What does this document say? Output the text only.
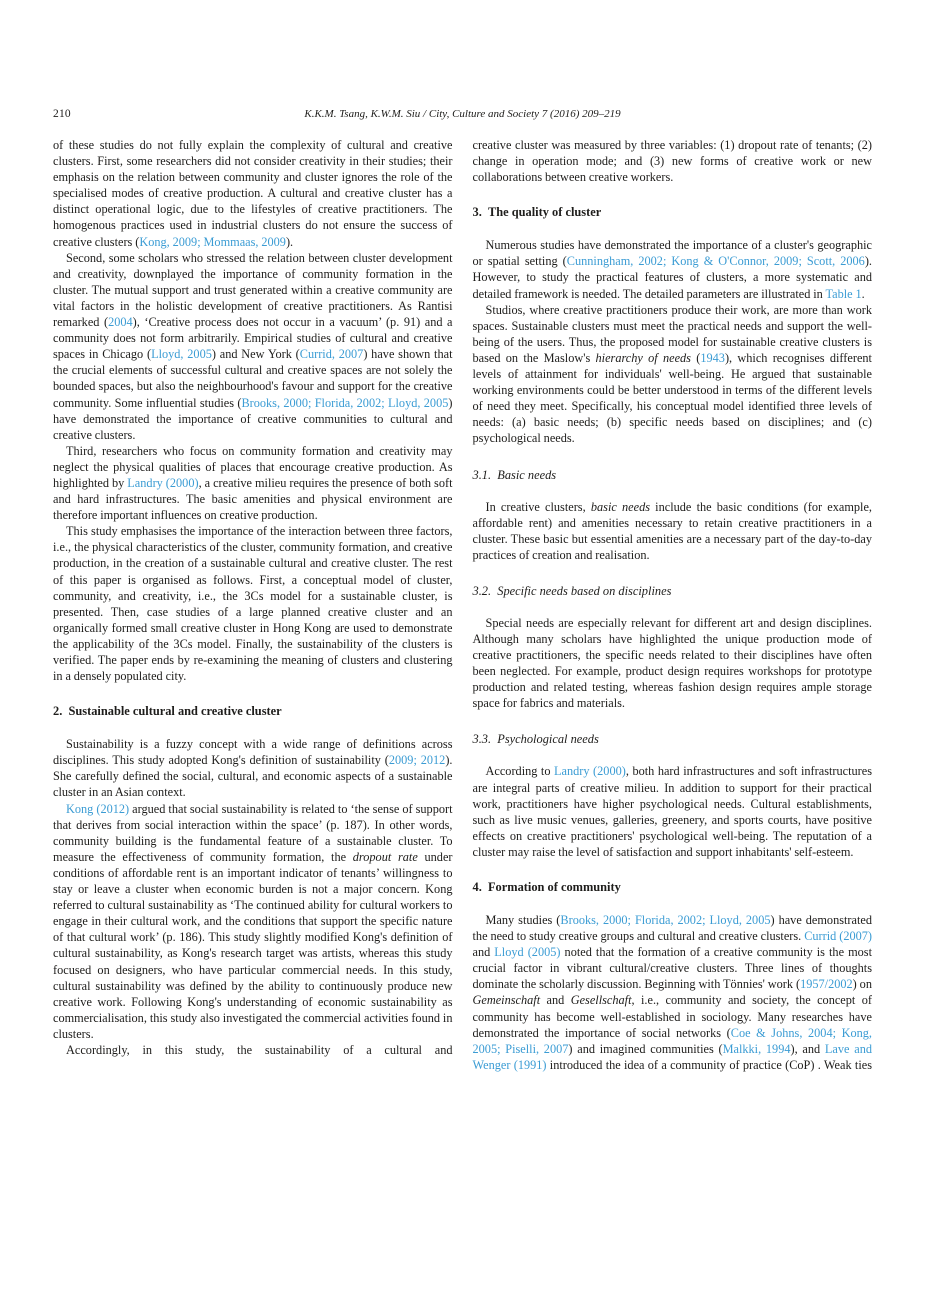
210	K.K.M. Tsang, K.W.M. Siu / City, Culture and Society 7 (2016) 209–219

of these studies do not fully explain the complexity of cultural and creative clusters. First, some researchers did not consider creativity in their studies; their emphasis on the relation between community and cluster ignores the role of the specialised modes of creative production. A cultural and creative cluster has a distinct operational logic, due to the lifestyles of creative practitioners. The homogenous practices used in industrial clusters do not ensure the success of creative clusters (Kong, 2009; Mommaas, 2009).

Second, some scholars who stressed the relation between cluster development and creativity, downplayed the importance of community formation in the cluster. The mutual support and trust generated within a creative community are vital factors in the holistic development of creative practitioners. As Rantisi remarked (2004), ‘Creative process does not occur in a vacuum’ (p. 91) and a community does not form arbitrarily. Empirical studies of cultural and creative spaces in Chicago (Lloyd, 2005) and New York (Currid, 2007) have shown that the crucial elements of successful cultural and creative spaces are not solely the bounded spaces, but also the neighbourhood's favour and support for the creative community. Some influential studies (Brooks, 2000; Florida, 2002; Lloyd, 2005) have demonstrated the importance of creative communities to cultural and creative clusters.

Third, researchers who focus on community formation and creativity may neglect the physical qualities of places that encourage creative production. As highlighted by Landry (2000), a creative milieu requires the presence of both soft and hard infrastructures. The basic amenities and physical environment are therefore important influences on creative production.

This study emphasises the importance of the interaction between three factors, i.e., the physical characteristics of the cluster, community formation, and creative production, in the creation of a sustainable cultural and creative cluster. The rest of this paper is organised as follows. First, a conceptual model of cluster, community, and creativity, i.e., the 3Cs model for a sustainable cluster, is presented. Then, case studies of a large planned creative cluster and an organically formed small creative cluster in Hong Kong are used to demonstrate the applicability of the 3Cs model. Finally, the sustainability of the clusters is verified. The paper ends by re-examining the meaning of clusters and clustering in a densely populated city.

2. Sustainable cultural and creative cluster

Sustainability is a fuzzy concept with a wide range of definitions across disciplines. This study adopted Kong's definition of sustainability (2009; 2012). She carefully defined the social, cultural, and economic aspects of a sustainable cluster in an Asian context.

Kong (2012) argued that social sustainability is related to ‘the sense of support that derives from social interaction within the space’ (p. 187). In other words, community building is the fundamental feature of a sustainable cluster. To measure the effectiveness of community formation, the dropout rate under conditions of affordable rent is an important indicator of tenants’ willingness to stay or leave a cluster when economic burden is not a major concern. Kong referred to cultural sustainability as ‘The continued ability for cultural workers to engage in their cultural work, and the conditions that support the specific nature of that cultural work’ (p. 186). This study slightly modified Kong's definition of cultural sustainability, as Kong's research target was artists, whereas this study focused on designers, who have particular commercial needs. In this study, cultural sustainability was defined by the ability to continuously produce new creative work. Following Kong's understanding of economic sustainability as commercialisation, this study also investigated the commercial activities found in clusters.

Accordingly, in this study, the sustainability of a cultural and

creative cluster was measured by three variables: (1) dropout rate of tenants; (2) change in operation mode; and (3) new forms of creative work or new collaborations between creative workers.

3. The quality of cluster

Numerous studies have demonstrated the importance of a cluster's geographic or spatial setting (Cunningham, 2002; Kong & O'Connor, 2009; Scott, 2006). However, to study the practical features of clusters, a more systematic and detailed framework is needed. The detailed parameters are illustrated in Table 1.

Studios, where creative practitioners produce their work, are more than work spaces. Sustainable clusters must meet the practical needs and support the well-being of the users. Thus, the proposed model for sustainable creative clusters is based on the Maslow's hierarchy of needs (1943), which recognises different levels of attainment for individuals' well-being. He argued that sustainable working environments could be better understood in terms of the different levels of need they meet. Specifically, his conceptual model identified three levels of needs: (a) basic needs; (b) specific needs based on disciplines; and (c) psychological needs.

3.1. Basic needs

In creative clusters, basic needs include the basic conditions (for example, affordable rent) and amenities necessary to retain creative practitioners in a cluster. These basic but essential amenities are a necessary part of the day-to-day practices of creation and realisation.

3.2. Specific needs based on disciplines

Special needs are especially relevant for different art and design disciplines. Although many scholars have highlighted the unique production mode of creative practitioners, the specific needs related to their disciplines have often been neglected. For example, product design requires workshops for prototype production and related testing, whereas fashion design requires ample storage space for fabrics and materials.

3.3. Psychological needs

According to Landry (2000), both hard infrastructures and soft infrastructures are integral parts of creative milieu. In addition to support for their practical work, practitioners have higher psychological needs. Cultural establishments, such as live music venues, galleries, greenery, and sports courts, have positive effects on creative practitioners' psychological well-being. The reputation of a cluster may raise the level of satisfaction and support inhabitants' self-esteem.

4. Formation of community

Many studies (Brooks, 2000; Florida, 2002; Lloyd, 2005) have demonstrated the need to study creative groups and cultural and creative clusters. Currid (2007) and Lloyd (2005) noted that the formation of a creative community is the most crucial factor in vibrant cultural/creative clusters. Three lines of thoughts dominate the scholarly discussion. Beginning with Tönnies' work (1957/2002) on Gemeinschaft and Gesellschaft, i.e., community and society, the concept of community has become well-established in sociology. Many researches have demonstrated the importance of social networks (Coe & Johns, 2004; Kong, 2005; Piselli, 2007) and imagined communities (Malkki, 1994), and Lave and Wenger (1991) introduced the idea of a community of practice (CoP) . Weak ties
